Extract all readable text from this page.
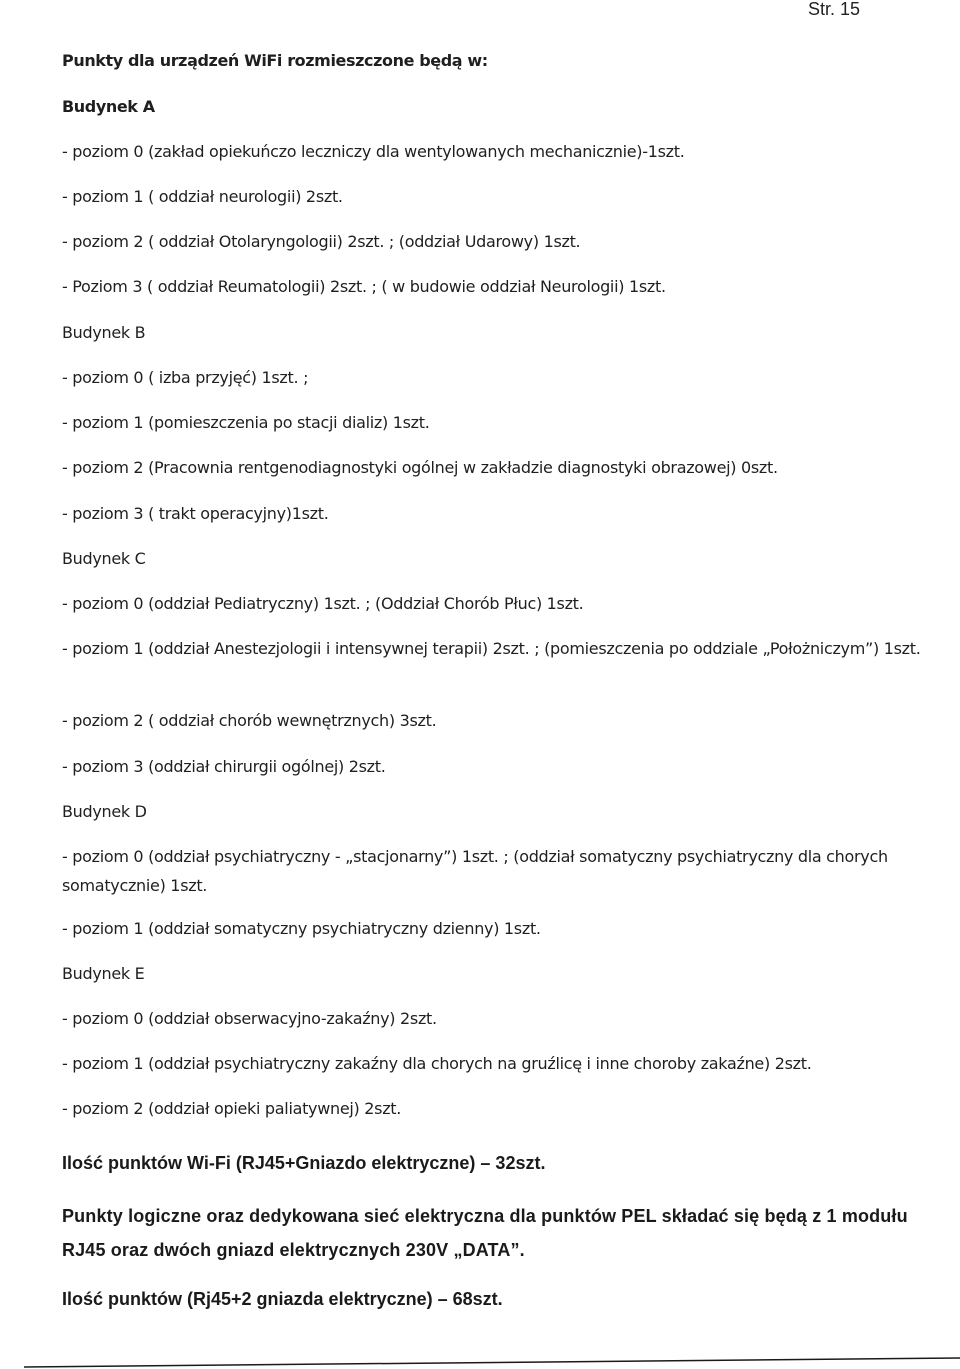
Str. 15
Punkty dla urządzeń WiFi rozmieszczone będą w:
Budynek A
- poziom 0 (zakład opiekuńczo leczniczy dla wentylowanych mechanicznie)-1szt.
- poziom 1 ( oddział neurologii) 2szt.
- poziom 2 ( oddział Otolaryngologii) 2szt. ; (oddział Udarowy) 1szt.
- Poziom 3 ( oddział Reumatologii) 2szt. ; ( w budowie oddział Neurologii) 1szt.
Budynek B
- poziom 0 ( izba przyjęć) 1szt. ;
- poziom 1 (pomieszczenia po stacji dializ) 1szt.
- poziom 2 (Pracownia rentgenodiagnostyki ogólnej w zakładzie diagnostyki obrazowej) 0szt.
- poziom 3 ( trakt operacyjny)1szt.
Budynek C
- poziom 0 (oddział Pediatryczny) 1szt. ; (Oddział Chorób Płuc) 1szt.
- poziom 1 (oddział Anestezjologii i intensywnej terapii) 2szt. ; (pomieszczenia po oddziale „Położniczym”) 1szt.
- poziom 2 ( oddział chorób wewnętrznych) 3szt.
- poziom 3 (oddział chirurgii ogólnej) 2szt.
Budynek D
- poziom 0 (oddział psychiatryczny - „stacjonarny”) 1szt. ; (oddział somatyczny psychiatryczny dla chorych somatycznie) 1szt.
- poziom 1 (oddział somatyczny psychiatryczny dzienny) 1szt.
Budynek E
- poziom 0 (oddział obserwacyjno-zakaźny) 2szt.
- poziom 1 (oddział psychiatryczny zakaźny dla chorych na gruźlicę i inne choroby zakaźne) 2szt.
- poziom 2 (oddział opieki paliatywnej) 2szt.
Ilość punktów Wi-Fi (RJ45+Gniazdo elektryczne) – 32szt.
Punkty logiczne oraz dedykowana sieć elektryczna dla punktów PEL składać się będą z 1 modułu RJ45 oraz dwóch gniazd elektrycznych 230V „DATA”.
Ilość punktów (Rj45+2 gniazda elektryczne) – 68szt.
